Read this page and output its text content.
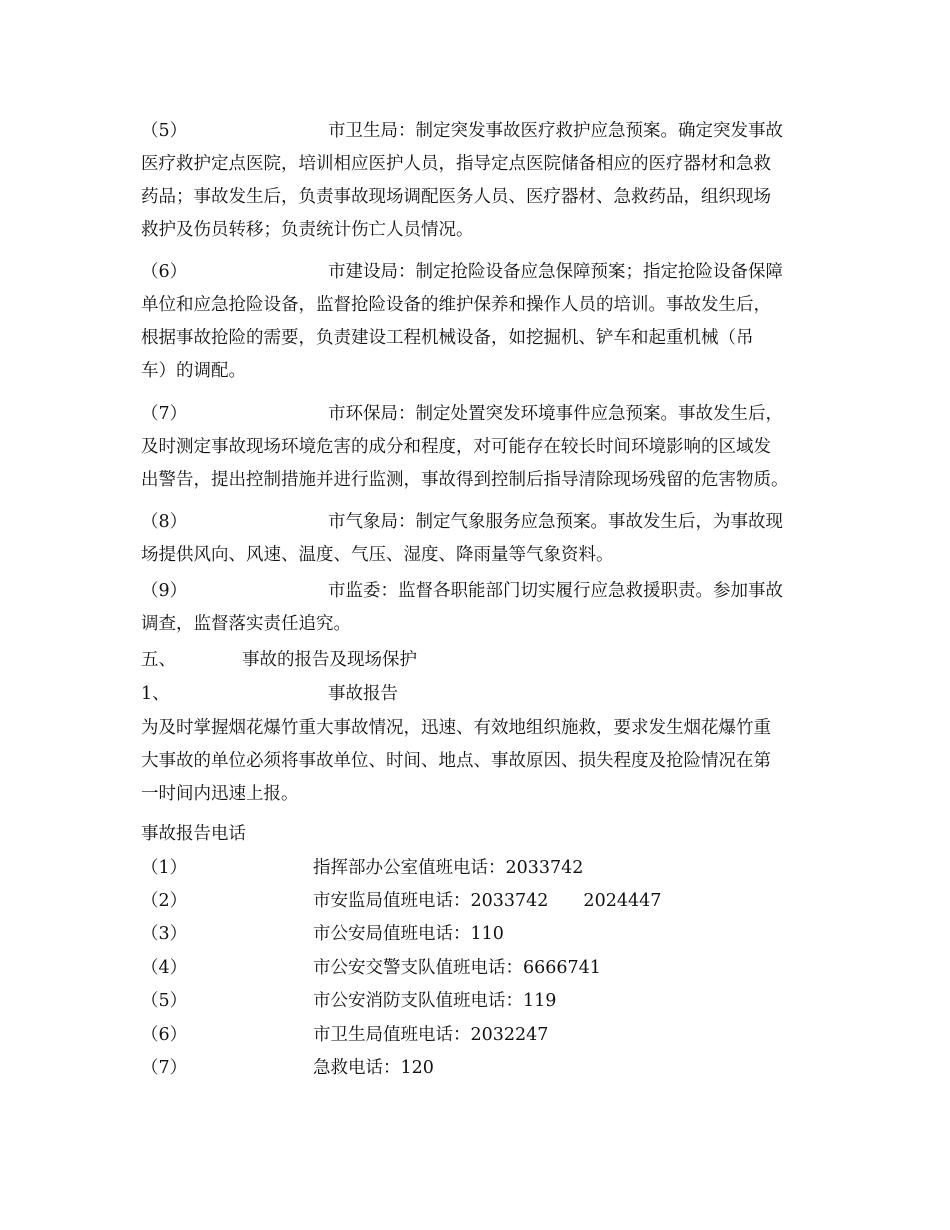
（5）	市卫生局：制定突发事故医疗救护应急预案。确定突发事故
医疗救护定点医院，培训相应医护人员，指导定点医院储备相应的医疗器材和急救
药品；事故发生后，负责事故现场调配医务人员、医疗器材、急救药品，组织现场
救护及伤员转移；负责统计伤亡人员情况。
（6）	市建设局：制定抢险设备应急保障预案；指定抢险设备保障
单位和应急抢险设备，监督抢险设备的维护保养和操作人员的培训。事故发生后，
根据事故抢险的需要，负责建设工程机械设备，如挖掘机、铲车和起重机械（吊
车）的调配。
（7）	市环保局：制定处置突发环境事件应急预案。事故发生后，
及时测定事故现场环境危害的成分和程度，对可能存在较长时间环境影响的区域发
出警告，提出控制措施并进行监测，事故得到控制后指导清除现场残留的危害物质。
（8）	市气象局：制定气象服务应急预案。事故发生后，为事故现
场提供风向、风速、温度、气压、湿度、降雨量等气象资料。
（9）	市监委：监督各职能部门切实履行应急救援职责。参加事故
调查，监督落实责任追究。
五、	事故的报告及现场保护
1、	事故报告
为及时掌握烟花爆竹重大事故情况，迅速、有效地组织施救，要求发生烟花爆竹重
大事故的单位必须将事故单位、时间、地点、事故原因、损失程度及抢险情况在第
一时间内迅速上报。
事故报告电话
（1）	指挥部办公室值班电话：2033742
（2）	市安监局值班电话：2033742　　2024447
（3）	市公安局值班电话：110
（4）	市公安交警支队值班电话：6666741
（5）	市公安消防支队值班电话：119
（6）	市卫生局值班电话：2032247
（7）	急救电话：120
